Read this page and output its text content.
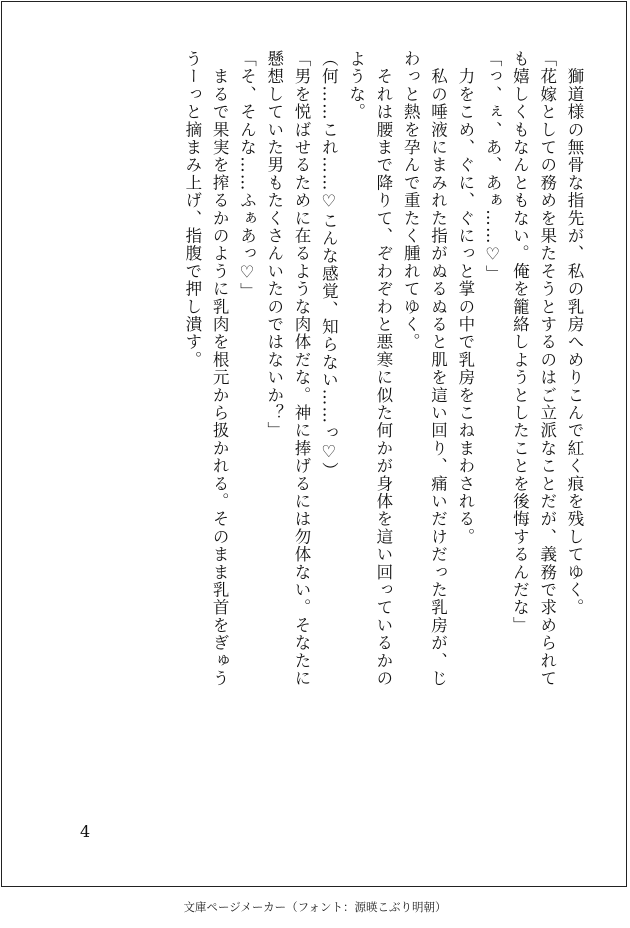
　獅道様の無骨な指先が、私の乳房へめりこんで紅く痕を残してゆく。
「花嫁としての務めを果たそうとするのはご立派なことだが、義務で求められて
も嬉しくもなんともない。俺を籠絡しようとしたことを後悔するんだな」
「っ、ぇ、あ、あぁ……♡」
　力をこめ、ぐに、ぐにっと掌の中で乳房をこねまわされる。
　私の唾液にまみれた指がぬるぬると肌を這い回り、痛いだけだった乳房が、じ
わっと熱を孕んで重たく腫れてゆく。
　それは腰まで降りて、ぞわぞわと悪寒に似た何かが身体を這い回っているかの
ような。
（何……これ……♡こんな感覚、知らない……っ♡）
「男を悦ばせるために在るような肉体だな。神に捧げるには勿体ない。そなたに
懸想していた男もたくさんいたのではないか？」
「そ、そんな……ふぁあっ♡」
　まるで果実を搾るかのように乳肉を根元から扱かれる。そのまま乳首をぎゅう
うーっと摘まみ上げ、指腹で押し潰す。
4
文庫ページメーカー（フォント：源暎こぶり明朝）
